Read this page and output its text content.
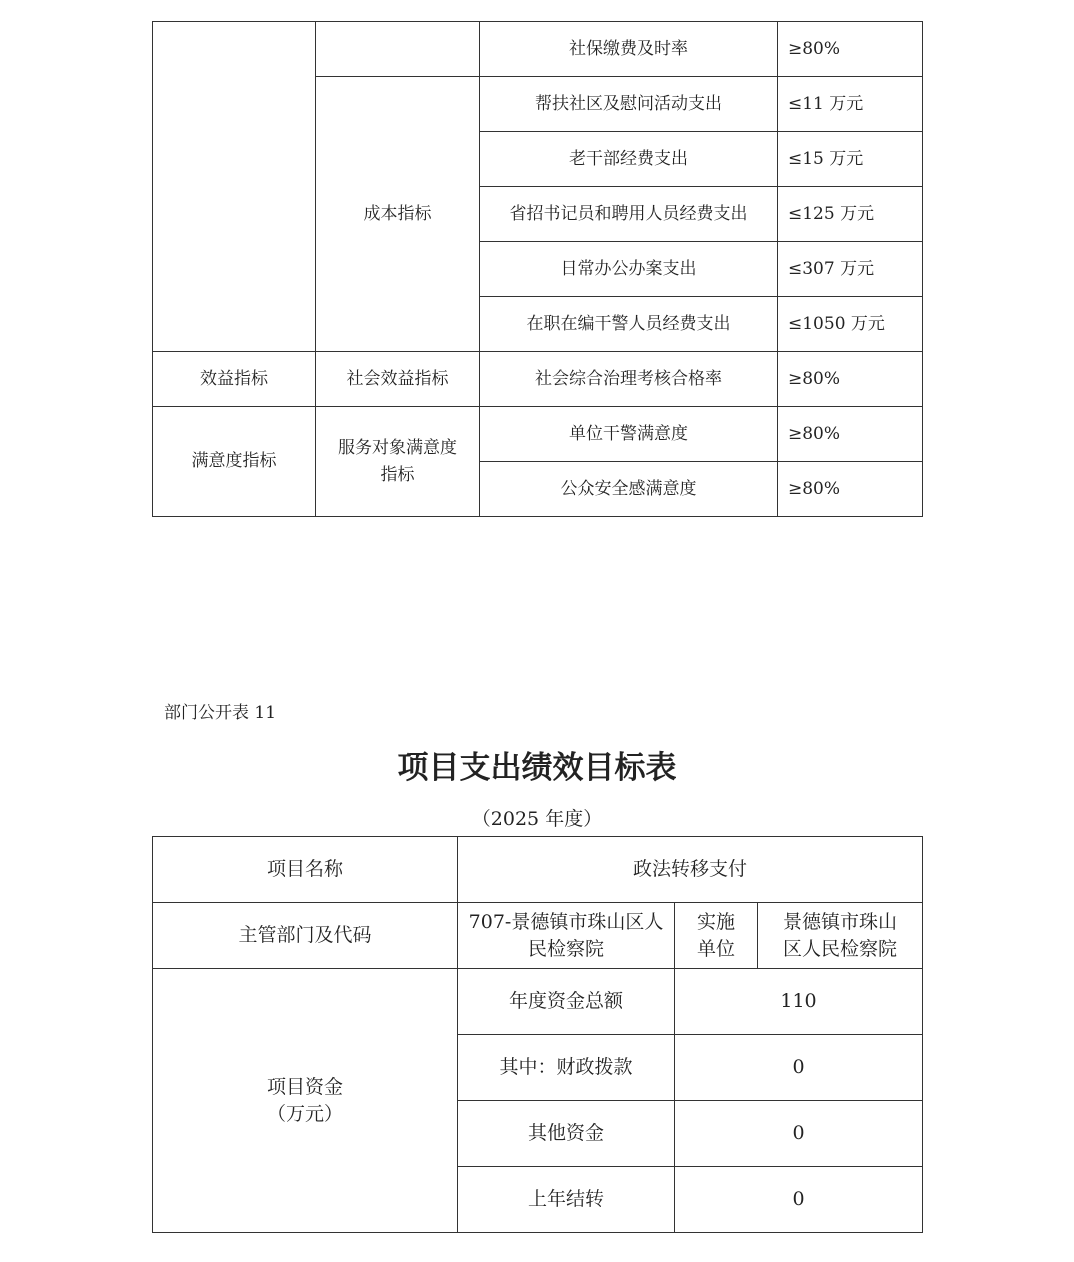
		社保缴费及时率	≥80%
	成本指标	帮扶社区及慰问活动支出	≤11 万元
		老干部经费支出	≤15 万元
		省招书记员和聘用人员经费支出	≤125 万元
		日常办公办案支出	≤307 万元
		在职在编干警人员经费支出	≤1050 万元
效益指标	社会效益指标	社会综合治理考核合格率	≥80%
满意度指标	服务对象满意度指标	单位干警满意度	≥80%
		公众安全感满意度	≥80%
部门公开表 11
项目支出绩效目标表
（2025 年度）
项目名称	政法转移支付		
主管部门及代码	707-景德镇市珠山区人民检察院	实施单位	景德镇市珠山区人民检察院
项目资金（万元）	年度资金总额	110	
	其中：财政拨款	0	
	其他资金	0	
	上年结转	0	
